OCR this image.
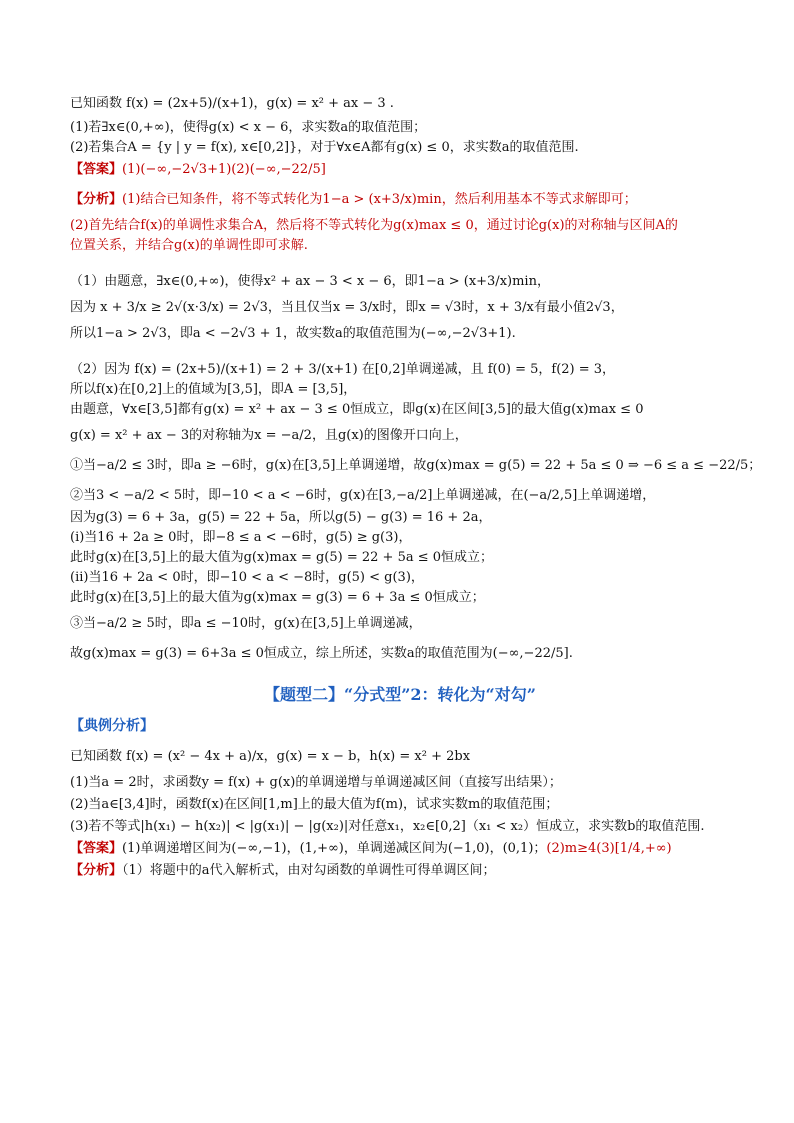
已知函数 f(x) = (2x+5)/(x+1)，g(x) = x² + ax − 3 .

(1)若∃x∈(0,+∞)，使得g(x) < x − 6，求实数a的取值范围；

(2)若集合A = {y | y = f(x), x∈[0,2]}，对于∀x∈A都有g(x) ≤ 0，求实数a的取值范围.

【答案】(1)(−∞,−2√3+1)(2)(−∞,−22/5]

【分析】(1)结合已知条件，将不等式转化为1−a > (x+3/x)min，然后利用基本不等式求解即可；

(2)首先结合f(x)的单调性求集合A，然后将不等式转化为g(x)max ≤ 0，通过讨论g(x)的对称轴与区间A的

位置关系，并结合g(x)的单调性即可求解.

（1）由题意，∃x∈(0,+∞)，使得x² + ax − 3 < x − 6，即1−a > (x+3/x)min，

因为 x + 3/x ≥ 2√(x·3/x) = 2√3，当且仅当x = 3/x时，即x = √3时，x + 3/x有最小值2√3，

所以1−a > 2√3，即a < −2√3 + 1，故实数a的取值范围为(−∞,−2√3+1).

（2）因为 f(x) = (2x+5)/(x+1) = 2 + 3/(x+1) 在[0,2]单调递减，且 f(0) = 5，f(2) = 3，

所以f(x)在[0,2]上的值域为[3,5]，即A = [3,5]，

由题意，∀x∈[3,5]都有g(x) = x² + ax − 3 ≤ 0恒成立，即g(x)在区间[3,5]的最大值g(x)max ≤ 0

g(x) = x² + ax − 3的对称轴为x = −a/2，且g(x)的图像开口向上，

①当−a/2 ≤ 3时，即a ≥ −6时，g(x)在[3,5]上单调递增，故g(x)max = g(5) = 22 + 5a ≤ 0 ⇒ −6 ≤ a ≤ −22/5；

②当3 < −a/2 < 5时，即−10 < a < −6时，g(x)在[3,−a/2]上单调递减，在(−a/2,5]上单调递增，

因为g(3) = 6 + 3a，g(5) = 22 + 5a，所以g(5) − g(3) = 16 + 2a，

(i)当16 + 2a ≥ 0时，即−8 ≤ a < −6时，g(5) ≥ g(3)，

此时g(x)在[3,5]上的最大值为g(x)max = g(5) = 22 + 5a ≤ 0恒成立；

(ii)当16 + 2a < 0时，即−10 < a < −8时，g(5) < g(3)，

此时g(x)在[3,5]上的最大值为g(x)max = g(3) = 6 + 3a ≤ 0恒成立；

③当−a/2 ≥ 5时，即a ≤ −10时，g(x)在[3,5]上单调递减，

故g(x)max = g(3) = 6+3a ≤ 0恒成立，综上所述，实数a的取值范围为(−∞,−22/5].

【题型二】“分式型”2：转化为“对勾”

【典例分析】

已知函数 f(x) = (x² − 4x + a)/x，g(x) = x − b，h(x) = x² + 2bx

(1)当a = 2时，求函数y = f(x) + g(x)的单调递增与单调递减区间（直接写出结果）；

(2)当a∈[3,4]时，函数f(x)在区间[1,m]上的最大值为f(m)，试求实数m的取值范围；

(3)若不等式|h(x₁) − h(x₂)| < |g(x₁)| − |g(x₂)|对任意x₁，x₂∈[0,2]（x₁ < x₂）恒成立，求实数b的取值范围.

【答案】(1)单调递增区间为(−∞,−1)，(1,+∞)，单调递减区间为(−1,0)，(0,1)；(2)m≥4(3)[1/4,+∞)

【分析】（1）将题中的a代入解析式，由对勾函数的单调性可得单调区间；
